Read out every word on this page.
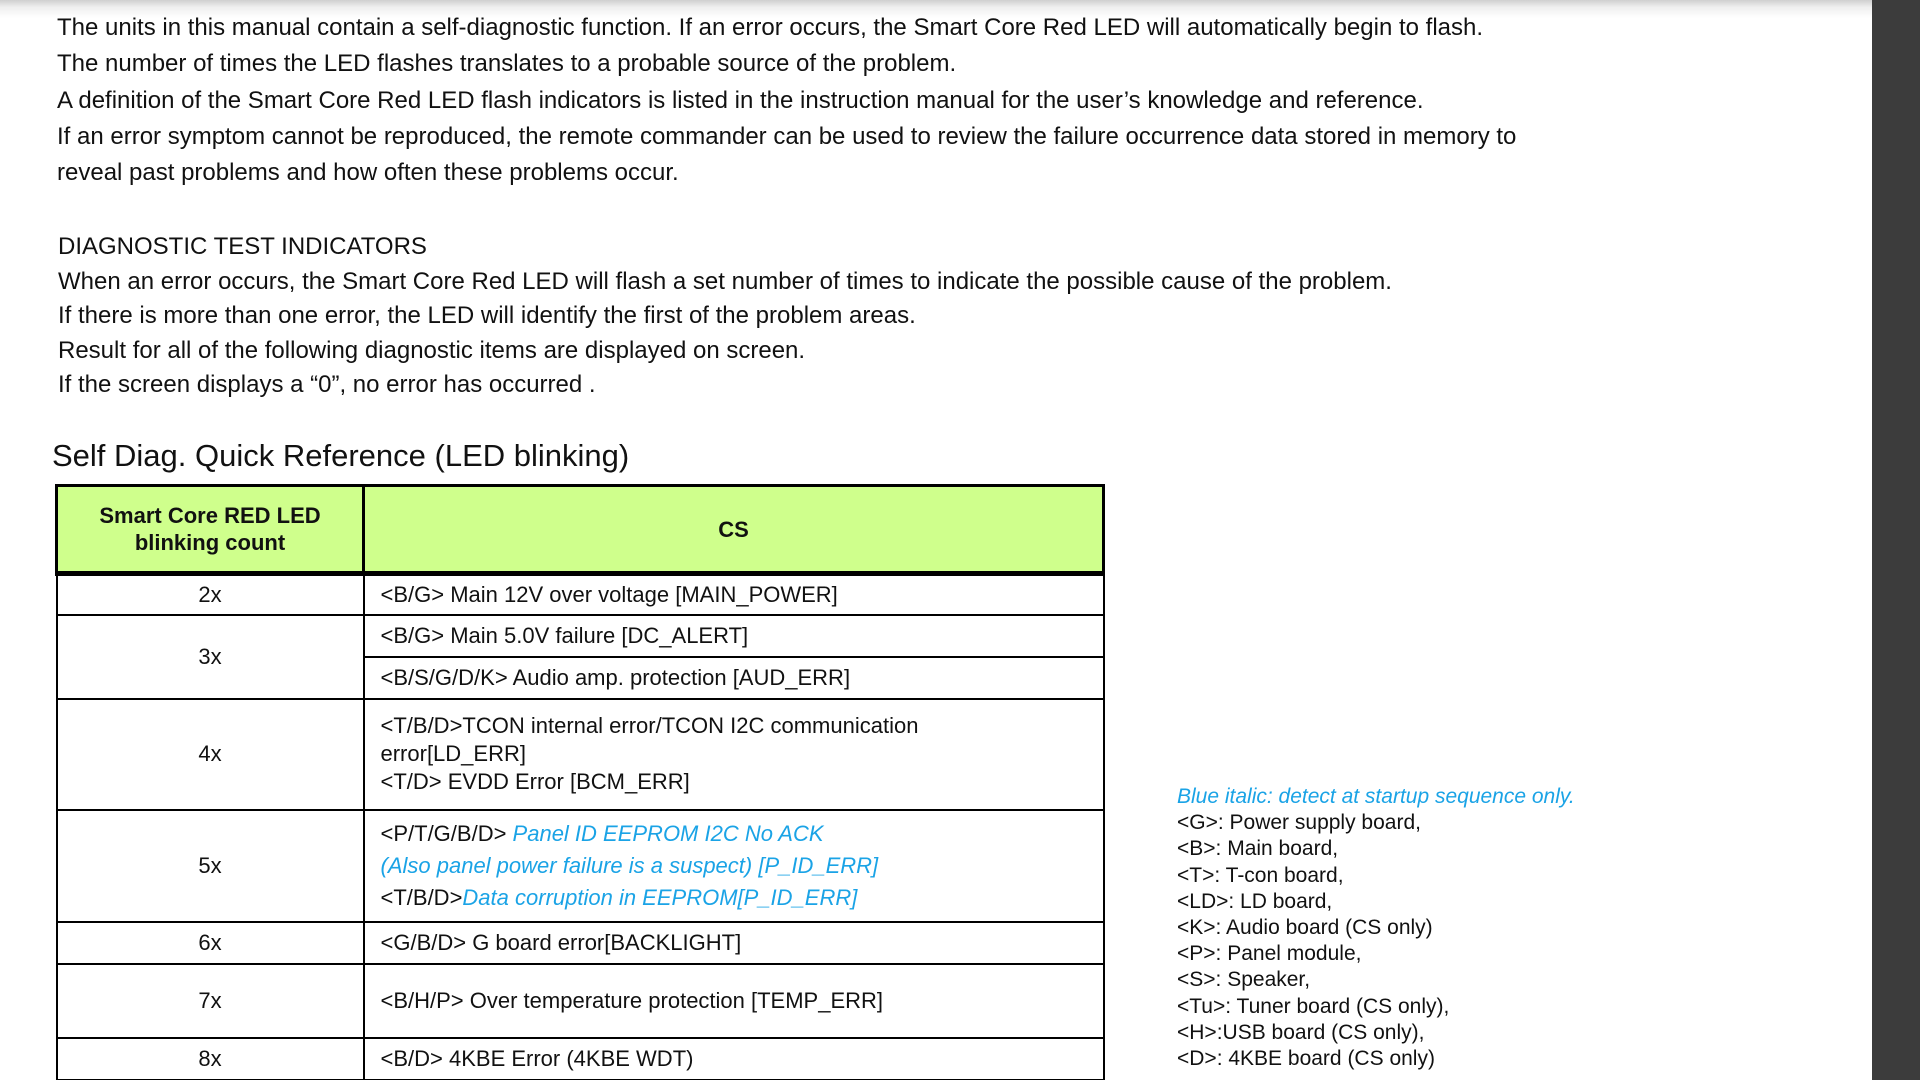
The units in this manual contain a self-diagnostic function. If an error occurs, the Smart Core Red LED will automatically begin to flash.

The number of times the LED flashes translates to a probable source of the problem.

A definition of the Smart Core Red LED flash indicators is listed in the instruction manual for the user’s knowledge and reference.

If an error symptom cannot be reproduced, the remote commander can be used to review the failure occurrence data stored in memory to

reveal past problems and how often these problems occur.

DIAGNOSTIC TEST INDICATORS

When an error occurs, the Smart Core Red LED will flash a set number of times to indicate the possible cause of the problem.

If there is more than one error, the LED will identify the first of the problem areas.

Result for all of the following diagnostic items are displayed on screen.

If the screen displays a “0”, no error has occurred .

Self Diag. Quick Reference (LED blinking)
Smart Core RED LED
blinking count	CS
2x	<B/G> Main 12V over voltage [MAIN_POWER]
3x	<B/G> Main 5.0V failure [DC_ALERT]
	<B/S/G/D/K> Audio amp. protection [AUD_ERR]
4x	<T/B/D>TCON internal error/TCON I2C communication
error[LD_ERR]
<T/D> EVDD Error [BCM_ERR]
5x	<P/T/G/B/D> Panel ID EEPROM I2C No ACK
(Also panel power failure is a suspect) [P_ID_ERR]
<T/B/D>Data corruption in EEPROM[P_ID_ERR]
6x	<G/B/D> G board error[BACKLIGHT]
7x	<B/H/P> Over temperature protection [TEMP_ERR]
8x	<B/D> 4KBE Error (4KBE WDT)

Blue italic: detect at startup sequence only.

<G>: Power supply board,

<B>: Main board,

<T>: T-con board,

<LD>: LD board,

<K>: Audio board (CS only)

<P>: Panel module,

<S>: Speaker,

<Tu>: Tuner board (CS only),

<H>:USB board (CS only),

<D>: 4KBE board (CS only)
